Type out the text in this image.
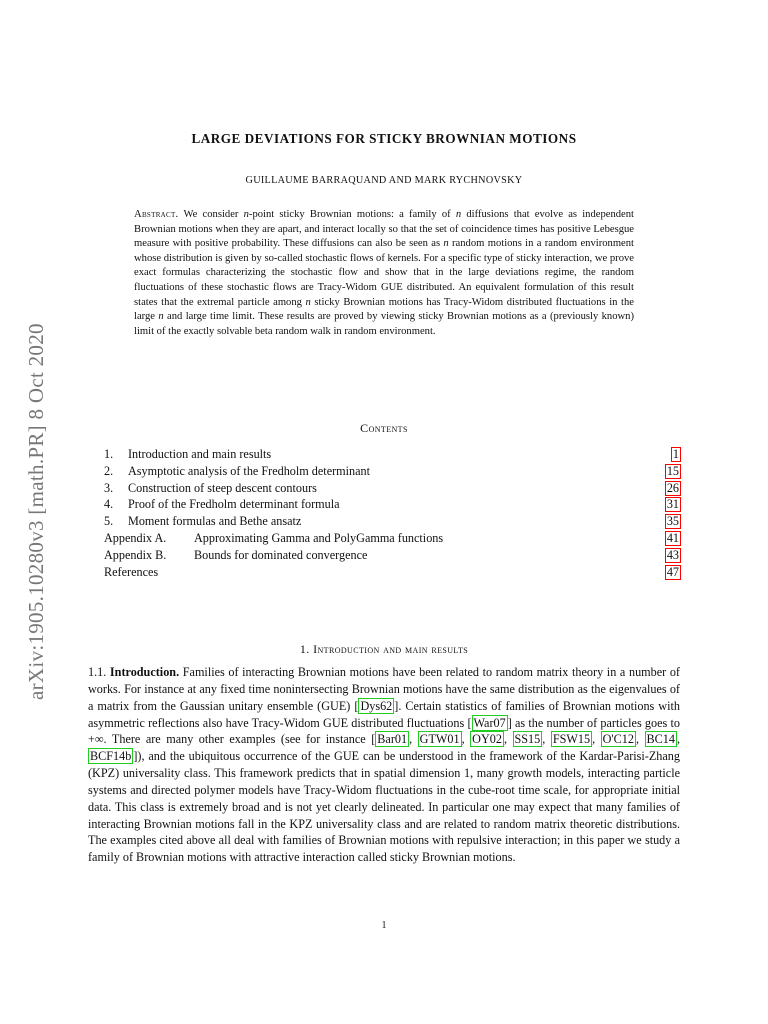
arXiv:1905.10280v3 [math.PR] 8 Oct 2020
LARGE DEVIATIONS FOR STICKY BROWNIAN MOTIONS
GUILLAUME BARRAQUAND AND MARK RYCHNOVSKY
Abstract. We consider n-point sticky Brownian motions: a family of n diffusions that evolve as independent Brownian motions when they are apart, and interact locally so that the set of coincidence times has positive Lebesgue measure with positive probability. These diffusions can also be seen as n random motions in a random environment whose distribution is given by so-called stochastic flows of kernels. For a specific type of sticky interaction, we prove exact formulas characterizing the stochastic flow and show that in the large deviations regime, the random fluctuations of these stochastic flows are Tracy-Widom GUE distributed. An equivalent formulation of this result states that the extremal particle among n sticky Brownian motions has Tracy-Widom distributed fluctuations in the large n and large time limit. These results are proved by viewing sticky Brownian motions as a (previously known) limit of the exactly solvable beta random walk in random environment.
Contents
1.	Introduction and main results	1
2.	Asymptotic analysis of the Fredholm determinant	15
3.	Construction of steep descent contours	26
4.	Proof of the Fredholm determinant formula	31
5.	Moment formulas and Bethe ansatz	35
Appendix A.	Approximating Gamma and PolyGamma functions	41
Appendix B.	Bounds for dominated convergence	43
References	47
1. Introduction and main results
1.1. Introduction. Families of interacting Brownian motions have been related to random matrix theory in a number of works. For instance at any fixed time nonintersecting Brownian motions have the same distribution as the eigenvalues of a matrix from the Gaussian unitary ensemble (GUE) [ Dys62 ]. Certain statistics of families of Brownian motions with asymmetric reflections also have Tracy-Widom GUE distributed fluctuations [ War07 ] as the number of particles goes to +∞. There are many other examples (see for instance [ Bar01 , GTW01 , OY02 , SS15 , FSW15 , O'C12 , BC14 , BCF14b ]), and the ubiquitous occurrence of the GUE can be understood in the framework of the Kardar-Parisi-Zhang (KPZ) universality class. This framework predicts that in spatial dimension 1, many growth models, interacting particle systems and directed polymer models have Tracy-Widom fluctuations in the cube-root time scale, for appropriate initial data. This class is extremely broad and is not yet clearly delineated. In particular one may expect that many families of interacting Brownian motions fall in the KPZ universality class and are related to random matrix theoretic distributions. The examples cited above all deal with families of Brownian motions with repulsive interaction; in this paper we study a family of Brownian motions with attractive interaction called sticky Brownian motions.
1
